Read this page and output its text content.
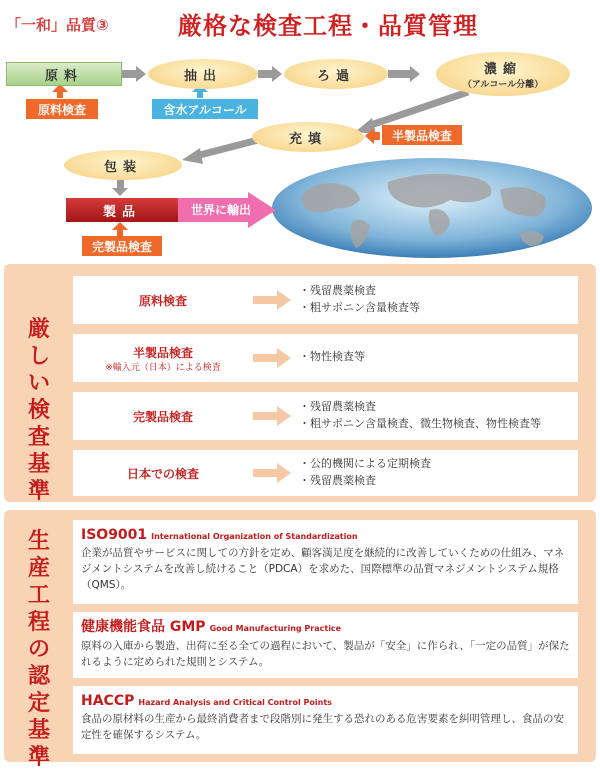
「一和」品質③	厳格な検査工程・品質管理
原料
原料検査
抽出
含水アルコール
ろ過	濃縮
（アルコール分離）
充填	半製品検査
包装
製品	世界に輸出
完製品検査
厳しい検査基準
原料検査
・残留農薬検査
・粗サポニン含量検査等
半製品検査
※輸入元（日本）による検査
・物性検査等
完製品検査
・残留農薬検査
・粗サポニン含量検査、微生物検査、物性検査等
日本での検査
・公的機関による定期検査
・残留農薬検査
生産工程の認定基準
ISO9001 International Organization of Standardization
企業が品質やサービスに関しての方針を定め、顧客満足度を継続的に改善していくための仕組み、マネジメントシステムを改善し続けること（PDCA）を求めた、国際標準の品質マネジメントシステム規格（QMS）。
健康機能食品 GMP Good Manufacturing Practice
原料の入庫から製造、出荷に至る全ての過程において、製品が「安全」に作られ、「一定の品質」が保たれるように定められた規則とシステム。
HACCP Hazard Analysis and Critical Control Points
食品の原材料の生産から最終消費者まで段階別に発生する恐れのある危害要素を糾明管理し、食品の安定性を確保するシステム。
